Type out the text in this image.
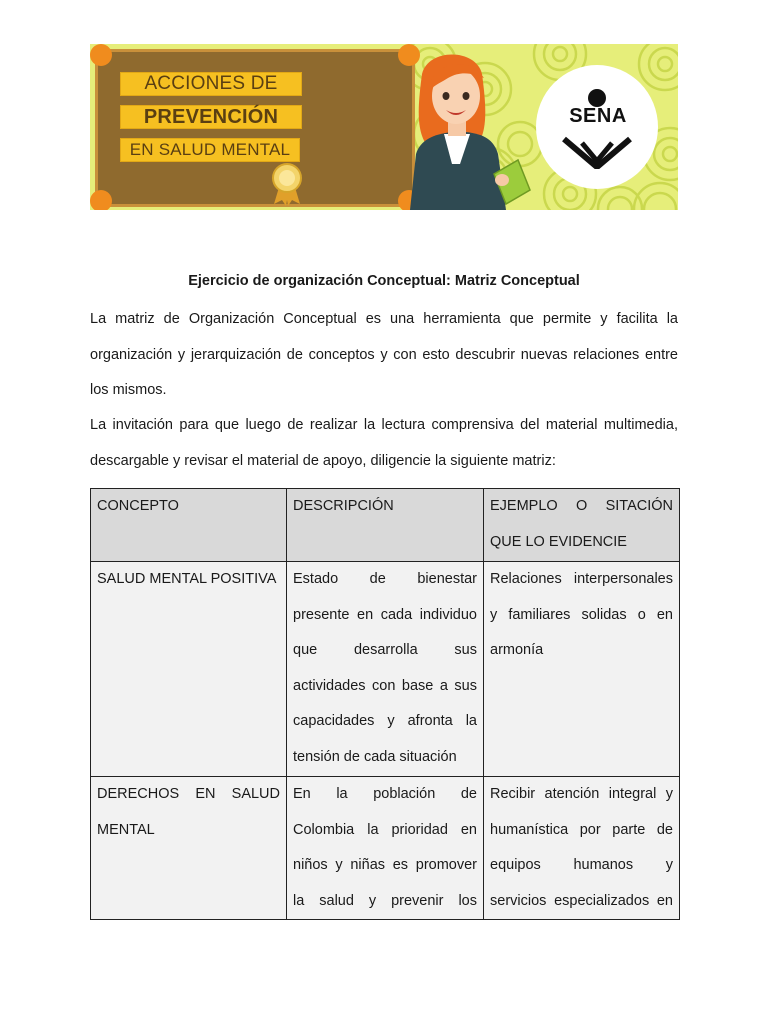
ACCIONES DE
PREVENCIÓN
EN SALUD MENTAL
SENA
Ejercicio de organización Conceptual: Matriz Conceptual

La matriz de Organización Conceptual es una herramienta que permite y facilita la organización y jerarquización de conceptos y con esto descubrir nuevas relaciones entre los mismos.

La invitación para que luego de realizar la lectura comprensiva del material multimedia, descargable y revisar el material de apoyo, diligencie la siguiente matriz:

CONCEPTO	DESCRIPCIÓN	EJEMPLO O SITACIÓN QUE LO EVIDENCIE

SALUD MENTAL POSITIVA	Estado de bienestar presente en cada individuo que desarrolla sus actividades con base a sus capacidades y afronta la tensión de cada situación	Relaciones interpersonales y familiares solidas o en armonía

DERECHOS EN SALUD MENTAL	En la población de Colombia la prioridad en niños y niñas es promover la salud y prevenir los	Recibir atención integral y humanística por parte de equipos humanos y servicios especializados en
